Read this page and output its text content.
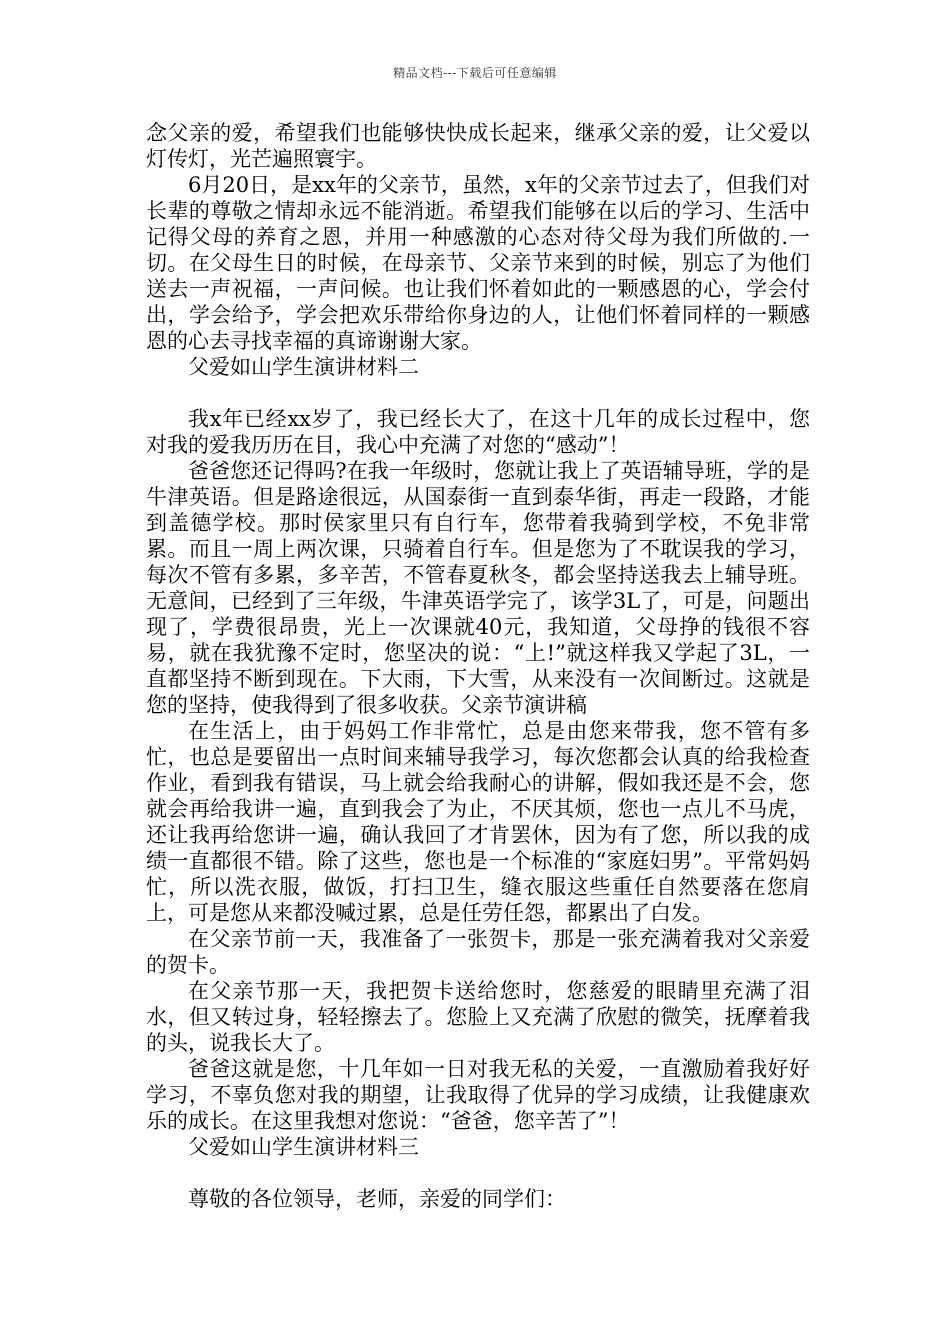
精品文档---下载后可任意编辑

念父亲的爱，希望我们也能够快快成长起来，继承父亲的爱，让父爱以灯传灯，光芒遍照寰宇。

6月20日，是xx年的父亲节，虽然，x年的父亲节过去了，但我们对长辈的尊敬之情却永远不能消逝。希望我们能够在以后的学习、生活中记得父母的养育之恩，并用一种感激的心态对待父母为我们所做的.一切。在父母生日的时候，在母亲节、父亲节来到的时候，别忘了为他们送去一声祝福，一声问候。也让我们怀着如此的一颗感恩的心，学会付出，学会给予，学会把欢乐带给你身边的人，让他们怀着同样的一颗感恩的心去寻找幸福的真谛谢谢大家。

父爱如山学生演讲材料二

我x年已经xx岁了，我已经长大了，在这十几年的成长过程中，您对我的爱我历历在目，我心中充满了对您的“感动”！

爸爸您还记得吗?在我一年级时，您就让我上了英语辅导班，学的是牛津英语。但是路途很远，从国泰街一直到泰华街，再走一段路，才能到盖德学校。那时侯家里只有自行车，您带着我骑到学校，不免非常累。而且一周上两次课，只骑着自行车。但是您为了不耽误我的学习，每次不管有多累，多辛苦，不管春夏秋冬，都会坚持送我去上辅导班。无意间，已经到了三年级，牛津英语学完了，该学3L了，可是，问题出现了，学费很昂贵，光上一次课就40元，我知道，父母挣的钱很不容易，就在我犹豫不定时，您坚决的说：“上!”就这样我又学起了3L，一直都坚持不断到现在。下大雨，下大雪，从来没有一次间断过。这就是您的坚持，使我得到了很多收获。父亲节演讲稿

在生活上，由于妈妈工作非常忙，总是由您来带我，您不管有多忙，也总是要留出一点时间来辅导我学习，每次您都会认真的给我检查作业，看到我有错误，马上就会给我耐心的讲解，假如我还是不会，您就会再给我讲一遍，直到我会了为止，不厌其烦，您也一点儿不马虎，还让我再给您讲一遍，确认我回了才肯罢休，因为有了您，所以我的成绩一直都很不错。除了这些，您也是一个标准的“家庭妇男”。平常妈妈忙，所以洗衣服，做饭，打扫卫生，缝衣服这些重任自然要落在您肩上，可是您从来都没喊过累，总是任劳任怨，都累出了白发。

在父亲节前一天，我准备了一张贺卡，那是一张充满着我对父亲爱的贺卡。

在父亲节那一天，我把贺卡送给您时，您慈爱的眼睛里充满了泪水，但又转过身，轻轻擦去了。您脸上又充满了欣慰的微笑，抚摩着我的头，说我长大了。

爸爸这就是您，十几年如一日对我无私的关爱，一直激励着我好好学习，不辜负您对我的期望，让我取得了优异的学习成绩，让我健康欢乐的成长。在这里我想对您说：“爸爸，您辛苦了”！

父爱如山学生演讲材料三

尊敬的各位领导，老师，亲爱的同学们：
